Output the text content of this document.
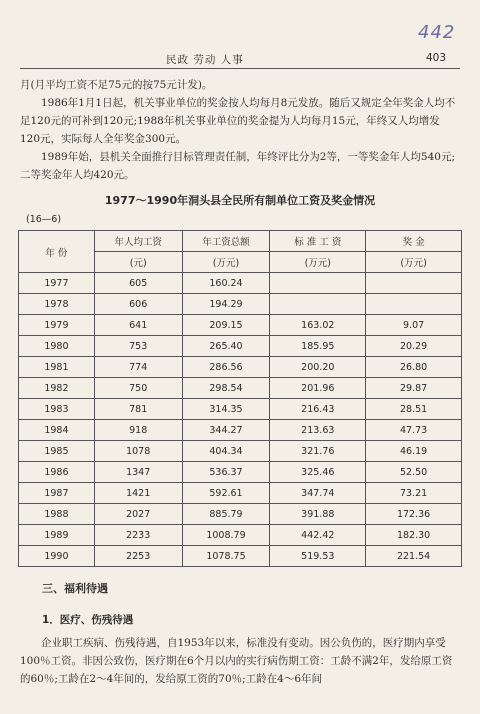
442
民政 劳动 人事	403

月(月平均工资不足75元的按75元计发)。

1986年1月1日起，机关事业单位的奖金按人均每月8元发放。随后又规定全年奖金人均不足120元的可补到120元;1988年机关事业单位的奖金提为人均每月15元，年终又人均增发120元，实际每人全年奖金300元。

1989年始，县机关全面推行目标管理责任制，年终评比分为2等，一等奖金年人均540元;二等奖金年人均420元。

1977～1990年洞头县全民所有制单位工资及奖金情况
(16—6)
年 份	年人均工资	年工资总额	标 准 工 资	奖 金
	(元)	(万元)	(万元)	(万元)
1977	605	160.24		
1978	606	194.29		
1979	641	209.15	163.02	9.07
1980	753	265.40	185.95	20.29
1981	774	286.56	200.20	26.80
1982	750	298.54	201.96	29.87
1983	781	314.35	216.43	28.51
1984	918	344.27	213.63	47.73
1985	1078	404.34	321.76	46.19
1986	1347	536.37	325.46	52.50
1987	1421	592.61	347.74	73.21
1988	2027	885.79	391.88	172.36
1989	2233	1008.79	442.42	182.30
1990	2253	1078.75	519.53	221.54
三、福利待遇
1．医疗、伤残待遇

企业职工疾病、伤残待遇，自1953年以来，标准没有变动。因公负伤的，医疗期内享受100％工资。非因公致伤，医疗期在6个月以内的实行病伤期工资：工龄不满2年，发给原工资的60％;工龄在2～4年间的，发给原工资的70％;工龄在4～6年间
